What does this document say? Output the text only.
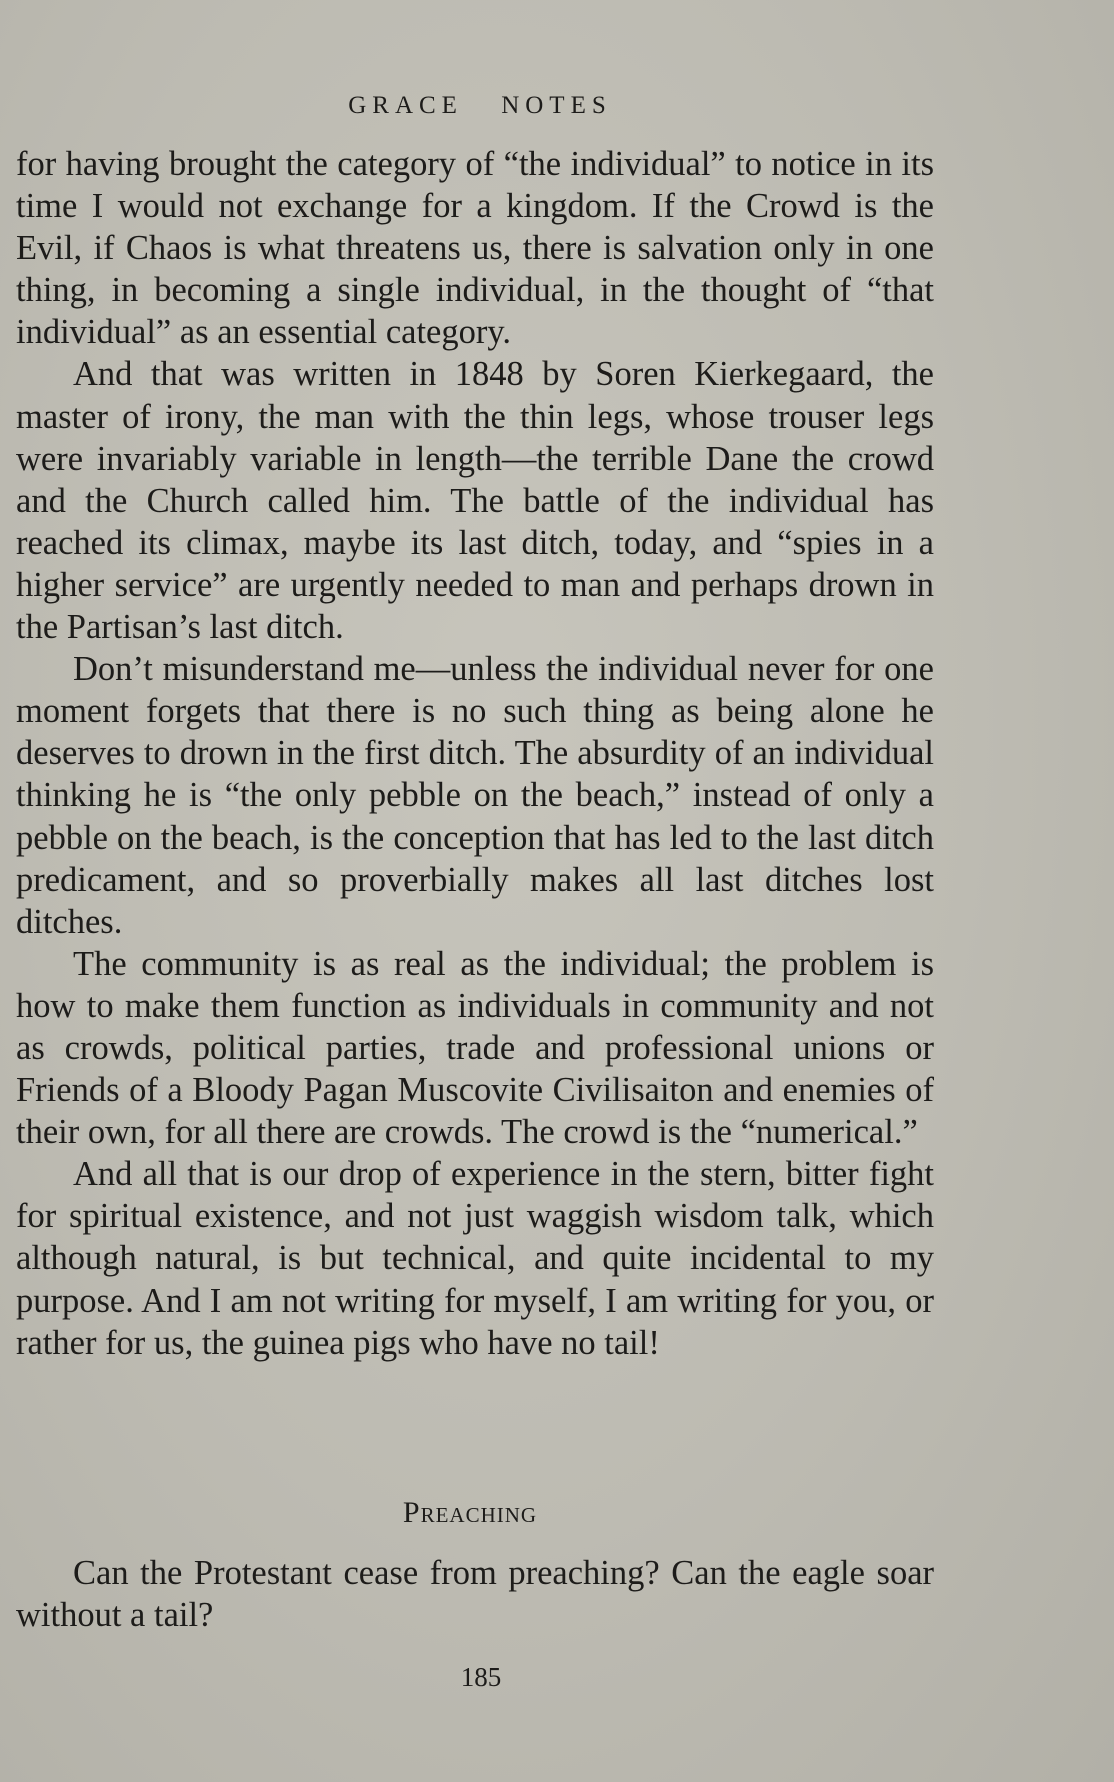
GRACE NOTES

for having brought the category of “the individual” to notice in its time I would not exchange for a kingdom. If the Crowd is the Evil, if Chaos is what threatens us, there is salvation only in one thing, in becoming a single individual, in the thought of “that individual” as an essential category.

And that was written in 1848 by Soren Kierkegaard, the master of irony, the man with the thin legs, whose trouser legs were invariably variable in length—the terrible Dane the crowd and the Church called him. The battle of the individual has reached its climax, maybe its last ditch, today, and “spies in a higher service” are urgently needed to man and perhaps drown in the Partisan’s last ditch.

Don’t misunderstand me—unless the individual never for one moment forgets that there is no such thing as being alone he deserves to drown in the first ditch. The absurdity of an individual thinking he is “the only pebble on the beach,” instead of only a pebble on the beach, is the conception that has led to the last ditch predicament, and so proverbially makes all last ditches lost ditches.

The community is as real as the individual; the problem is how to make them function as individuals in community and not as crowds, political parties, trade and professional unions or Friends of a Bloody Pagan Muscovite Civilisaiton and enemies of their own, for all there are crowds. The crowd is the “numerical.”

And all that is our drop of experience in the stern, bitter fight for spiritual existence, and not just waggish wisdom talk, which although natural, is but technical, and quite incidental to my purpose. And I am not writing for myself, I am writing for you, or rather for us, the guinea pigs who have no tail!

Preaching

Can the Protestant cease from preaching? Can the eagle soar without a tail?

185
